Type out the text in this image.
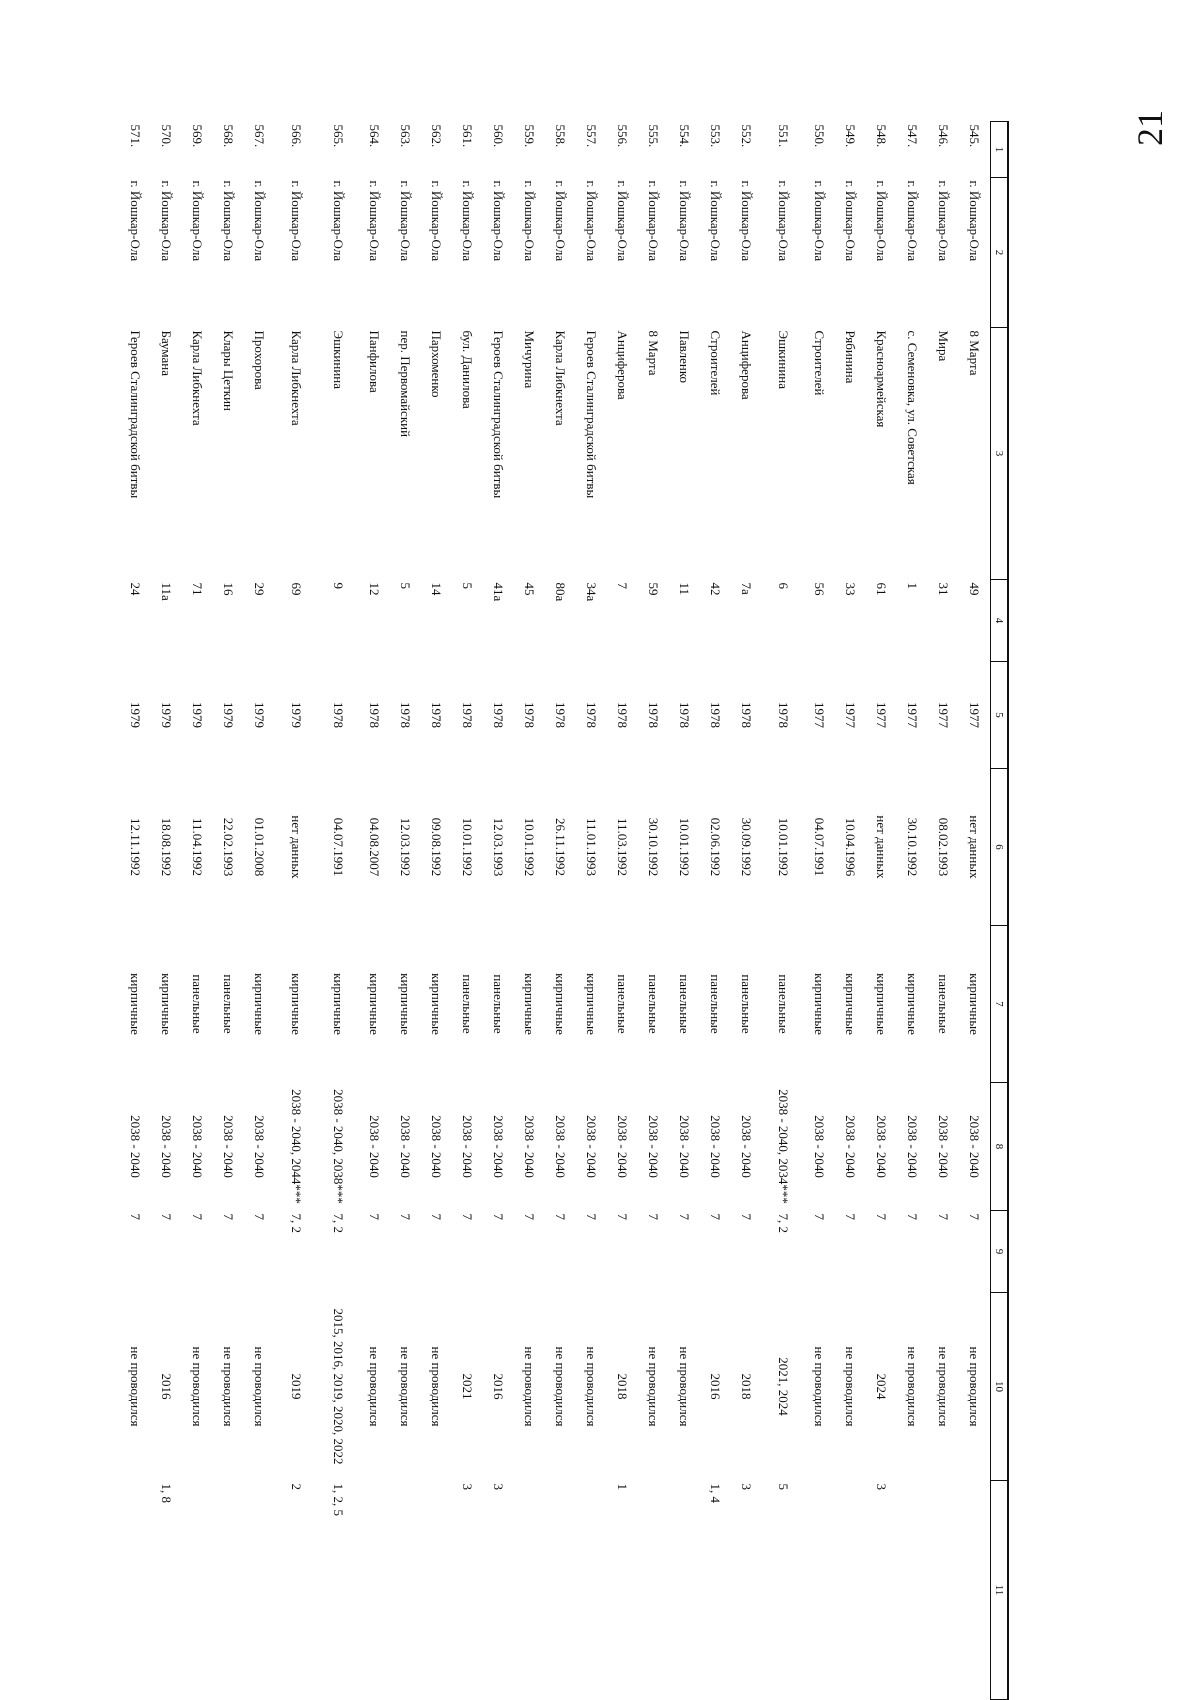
21
1	2	3	4	5	6	7	8	9	10	11
545.	г. Йошкар-Ола	8 Марта	49	1977	нет данных	кирпичные	2038 - 2040	7	не проводился	
546.	г. Йошкар-Ола	Мира	31	1977	08.02.1993	панельные	2038 - 2040	7	не проводился	
547.	г. Йошкар-Ола	с. Семеновка, ул. Советская	1	1977	30.10.1992	кирпичные	2038 - 2040	7	не проводился	
548.	г. Йошкар-Ола	Красноармейская	61	1977	нет данных	кирпичные	2038 - 2040	7	2024	3
549.	г. Йошкар-Ола	Рябинина	33	1977	10.04.1996	кирпичные	2038 - 2040	7	не проводился	
550.	г. Йошкар-Ола	Строителей	56	1977	04.07.1991	кирпичные	2038 - 2040	7	не проводился	
551.	г. Йошкар-Ола	Эшкинина	6	1978	10.01.1992	панельные	2038 - 2040, 2034***	7, 2	2021, 2024	5
552.	г. Йошкар-Ола	Анциферова	7а	1978	30.09.1992	панельные	2038 - 2040	7	2018	3
553.	г. Йошкар-Ола	Строителей	42	1978	02.06.1992	панельные	2038 - 2040	7	2016	1, 4
554.	г. Йошкар-Ола	Павленко	11	1978	10.01.1992	панельные	2038 - 2040	7	не проводился	
555.	г. Йошкар-Ола	8 Марта	59	1978	30.10.1992	панельные	2038 - 2040	7	не проводился	
556.	г. Йошкар-Ола	Анциферова	7	1978	11.03.1992	панельные	2038 - 2040	7	2018	1
557.	г. Йошкар-Ола	Героев Сталинградской битвы	34а	1978	11.01.1993	кирпичные	2038 - 2040	7	не проводился	
558.	г. Йошкар-Ола	Карла Либкнехта	80а	1978	26.11.1992	кирпичные	2038 - 2040	7	не проводился	
559.	г. Йошкар-Ола	Мичурина	45	1978	10.01.1992	кирпичные	2038 - 2040	7	не проводился	
560.	г. Йошкар-Ола	Героев Сталинградской битвы	41а	1978	12.03.1993	панельные	2038 - 2040	7	2016	3
561.	г. Йошкар-Ола	бул. Данилова	5	1978	10.01.1992	панельные	2038 - 2040	7	2021	3
562.	г. Йошкар-Ола	Пархоменко	14	1978	09.08.1992	кирпичные	2038 - 2040	7	не проводился	
563.	г. Йошкар-Ола	пер. Первомайский	5	1978	12.03.1992	кирпичные	2038 - 2040	7	не проводился	
564.	г. Йошкар-Ола	Панфилова	12	1978	04.08.2007	кирпичные	2038 - 2040	7	не проводился	
565.	г. Йошкар-Ола	Эшкинина	9	1978	04.07.1991	кирпичные	2038 - 2040, 2038***	7, 2	2015, 2016, 2019, 2020, 2022	1, 2, 5
566.	г. Йошкар-Ола	Карла Либкнехта	69	1979	нет данных	кирпичные	2038 - 2040, 2044***	7, 2	2019	2
567.	г. Йошкар-Ола	Прохорова	29	1979	01.01.2008	кирпичные	2038 - 2040	7	не проводился	
568.	г. Йошкар-Ола	Клары Цеткин	16	1979	22.02.1993	панельные	2038 - 2040	7	не проводился	
569.	г. Йошкар-Ола	Карла Либкнехта	71	1979	11.04.1992	панельные	2038 - 2040	7	не проводился	
570.	г. Йошкар-Ола	Баумана	11а	1979	18.08.1992	кирпичные	2038 - 2040	7	2016	1, 8
571.	г. Йошкар-Ола	Героев Сталинградской битвы	24	1979	12.11.1992	кирпичные	2038 - 2040	7	не проводился	
